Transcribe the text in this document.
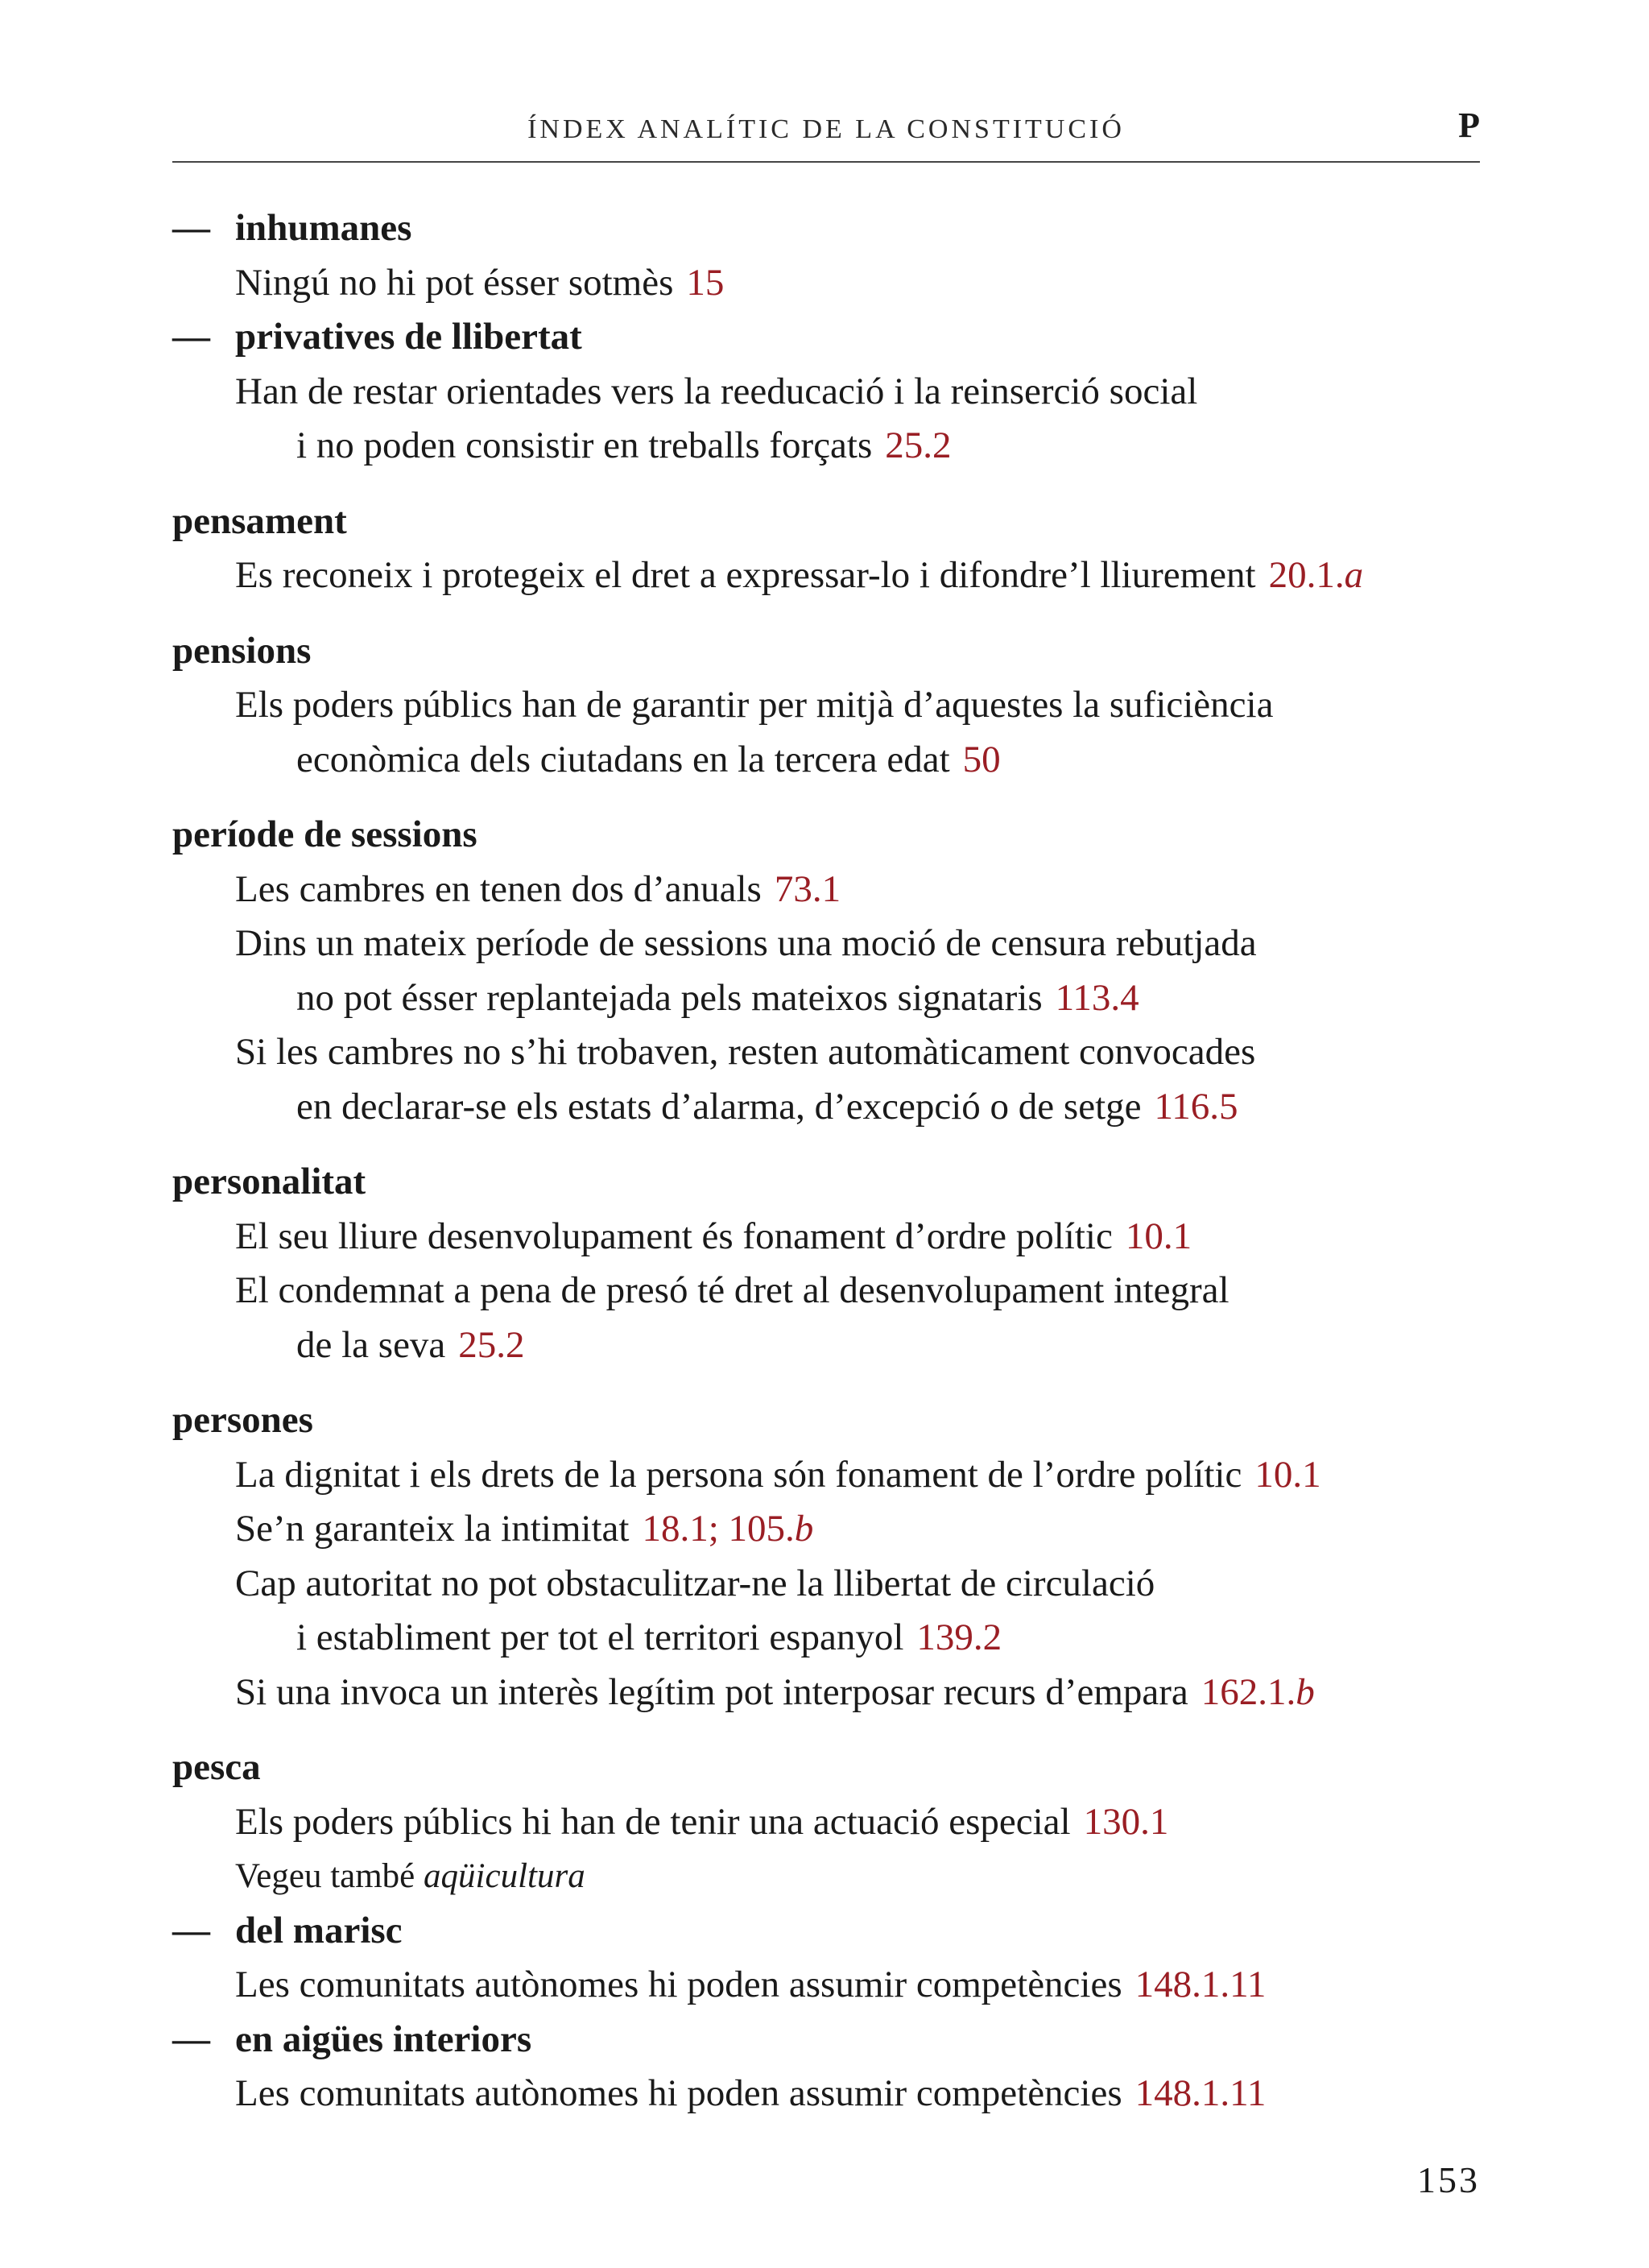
ÍNDEX ANALÍTIC DE LA CONSTITUCIÓ	P
— inhumanes
Ningú no hi pot ésser sotmès 15
— privatives de llibertat
Han de restar orientades vers la reeducació i la reinserció social
i no poden consistir en treballs forçats 25.2
pensament
Es reconeix i protegeix el dret a expressar-lo i difondre’l lliurement 20.1.a
pensions
Els poders públics han de garantir per mitjà d’aquestes la suficiència
econòmica dels ciutadans en la tercera edat 50
període de sessions
Les cambres en tenen dos d’anuals 73.1
Dins un mateix període de sessions una moció de censura rebutjada
no pot ésser replantejada pels mateixos signataris 113.4
Si les cambres no s’hi trobaven, resten automàticament convocades
en declarar-se els estats d’alarma, d’excepció o de setge 116.5
personalitat
El seu lliure desenvolupament és fonament d’ordre polític 10.1
El condemnat a pena de presó té dret al desenvolupament integral
de la seva 25.2
persones
La dignitat i els drets de la persona són fonament de l’ordre polític 10.1
Se’n garanteix la intimitat 18.1; 105.b
Cap autoritat no pot obstaculitzar-ne la llibertat de circulació
i establiment per tot el territori espanyol 139.2
Si una invoca un interès legítim pot interposar recurs d’empara 162.1.b
pesca
Els poders públics hi han de tenir una actuació especial 130.1
Vegeu també aqüicultura
— del marisc
Les comunitats autònomes hi poden assumir competències 148.1.11
— en aigües interiors
Les comunitats autònomes hi poden assumir competències 148.1.11
153
